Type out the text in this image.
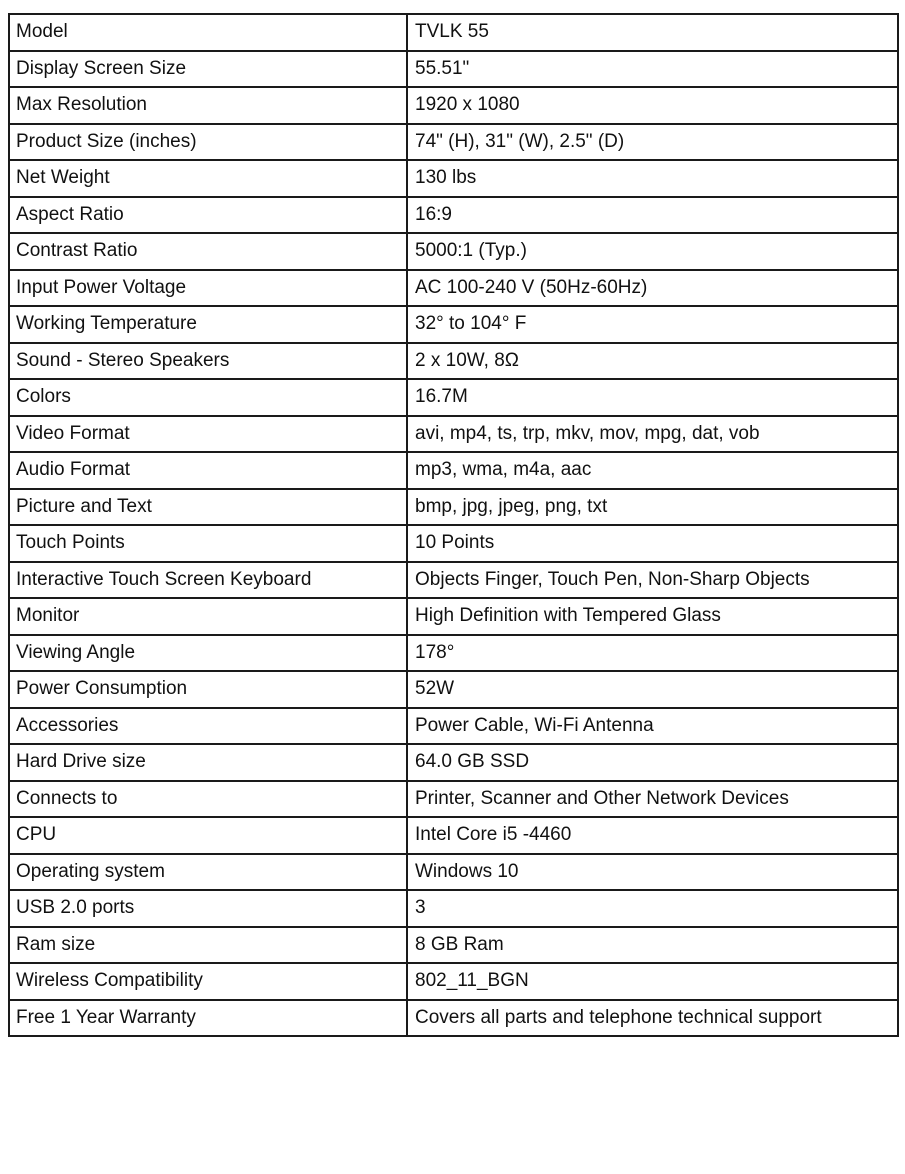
Model	TVLK 55
Display Screen Size	55.51"
Max Resolution	1920 x 1080
Product Size (inches)	74" (H), 31" (W), 2.5" (D)
Net Weight	130 lbs
Aspect Ratio	16:9
Contrast Ratio	5000:1 (Typ.)
Input Power Voltage	AC 100-240 V (50Hz-60Hz)
Working Temperature	32° to 104° F
Sound - Stereo Speakers	2 x 10W, 8Ω
Colors	16.7M
Video Format	avi, mp4, ts, trp, mkv, mov, mpg, dat, vob
Audio Format	mp3, wma, m4a, aac
Picture and Text	bmp, jpg, jpeg, png, txt
Touch Points	10 Points
Interactive Touch Screen Keyboard	Objects Finger, Touch Pen, Non-Sharp Objects
Monitor	High Definition with Tempered Glass
Viewing Angle	178°
Power Consumption	52W
Accessories	Power Cable, Wi-Fi Antenna
Hard Drive size	64.0 GB SSD
Connects to	Printer, Scanner and Other Network Devices
CPU	Intel Core i5 -4460
Operating system	Windows 10
USB 2.0 ports	3
Ram size	8 GB Ram
Wireless Compatibility	802_11_BGN
Free 1 Year Warranty	Covers all parts and telephone technical support
